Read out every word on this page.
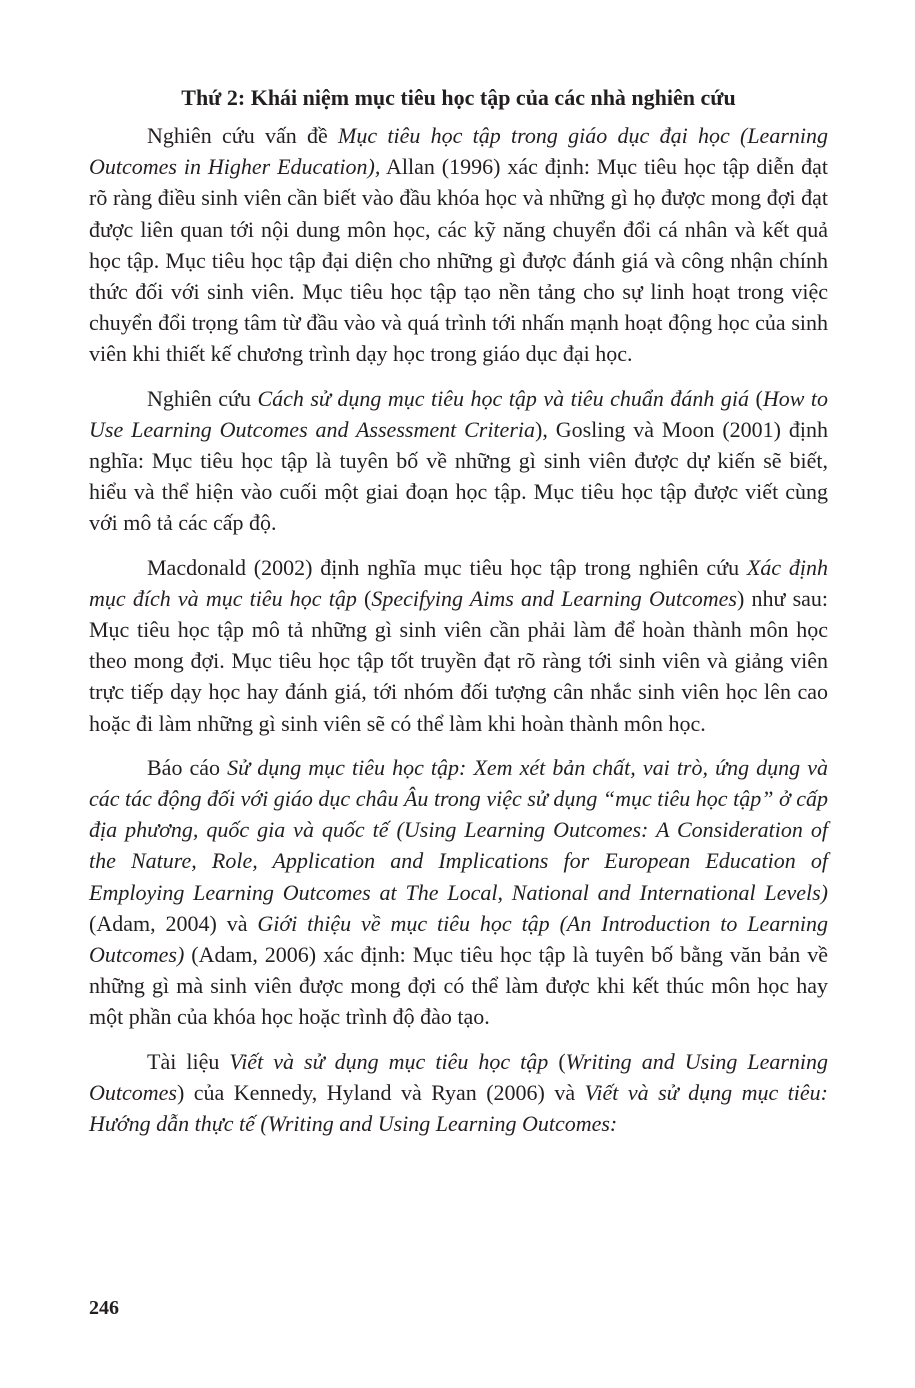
Thứ 2: Khái niệm mục tiêu học tập của các nhà nghiên cứu

Nghiên cứu vấn đề Mục tiêu học tập trong giáo dục đại học (Learning Outcomes in Higher Education), Allan (1996) xác định: Mục tiêu học tập diễn đạt rõ ràng điều sinh viên cần biết vào đầu khóa học và những gì họ được mong đợi đạt được liên quan tới nội dung môn học, các kỹ năng chuyển đổi cá nhân và kết quả học tập. Mục tiêu học tập đại diện cho những gì được đánh giá và công nhận chính thức đối với sinh viên. Mục tiêu học tập tạo nền tảng cho sự linh hoạt trong việc chuyển đổi trọng tâm từ đầu vào và quá trình tới nhấn mạnh hoạt động học của sinh viên khi thiết kế chương trình dạy học trong giáo dục đại học.

Nghiên cứu Cách sử dụng mục tiêu học tập và tiêu chuẩn đánh giá (How to Use Learning Outcomes and Assessment Criteria), Gosling và Moon (2001) định nghĩa: Mục tiêu học tập là tuyên bố về những gì sinh viên được dự kiến sẽ biết, hiểu và thể hiện vào cuối một giai đoạn học tập. Mục tiêu học tập được viết cùng với mô tả các cấp độ.

Macdonald (2002) định nghĩa mục tiêu học tập trong nghiên cứu Xác định mục đích và mục tiêu học tập (Specifying Aims and Learning Outcomes) như sau: Mục tiêu học tập mô tả những gì sinh viên cần phải làm để hoàn thành môn học theo mong đợi. Mục tiêu học tập tốt truyền đạt rõ ràng tới sinh viên và giảng viên trực tiếp dạy học hay đánh giá, tới nhóm đối tượng cân nhắc sinh viên học lên cao hoặc đi làm những gì sinh viên sẽ có thể làm khi hoàn thành môn học.

Báo cáo Sử dụng mục tiêu học tập: Xem xét bản chất, vai trò, ứng dụng và các tác động đối với giáo dục châu Âu trong việc sử dụng “mục tiêu học tập” ở cấp địa phương, quốc gia và quốc tế (Using Learning Outcomes: A Consideration of the Nature, Role, Application and Implications for European Education of Employing Learning Outcomes at The Local, National and International Levels) (Adam, 2004) và Giới thiệu về mục tiêu học tập (An Introduction to Learning Outcomes) (Adam, 2006) xác định: Mục tiêu học tập là tuyên bố bằng văn bản về những gì mà sinh viên được mong đợi có thể làm được khi kết thúc môn học hay một phần của khóa học hoặc trình độ đào tạo.

Tài liệu Viết và sử dụng mục tiêu học tập (Writing and Using Learning Outcomes) của Kennedy, Hyland và Ryan (2006) và Viết và sử dụng mục tiêu: Hướng dẫn thực tế (Writing and Using Learning Outcomes:

246
